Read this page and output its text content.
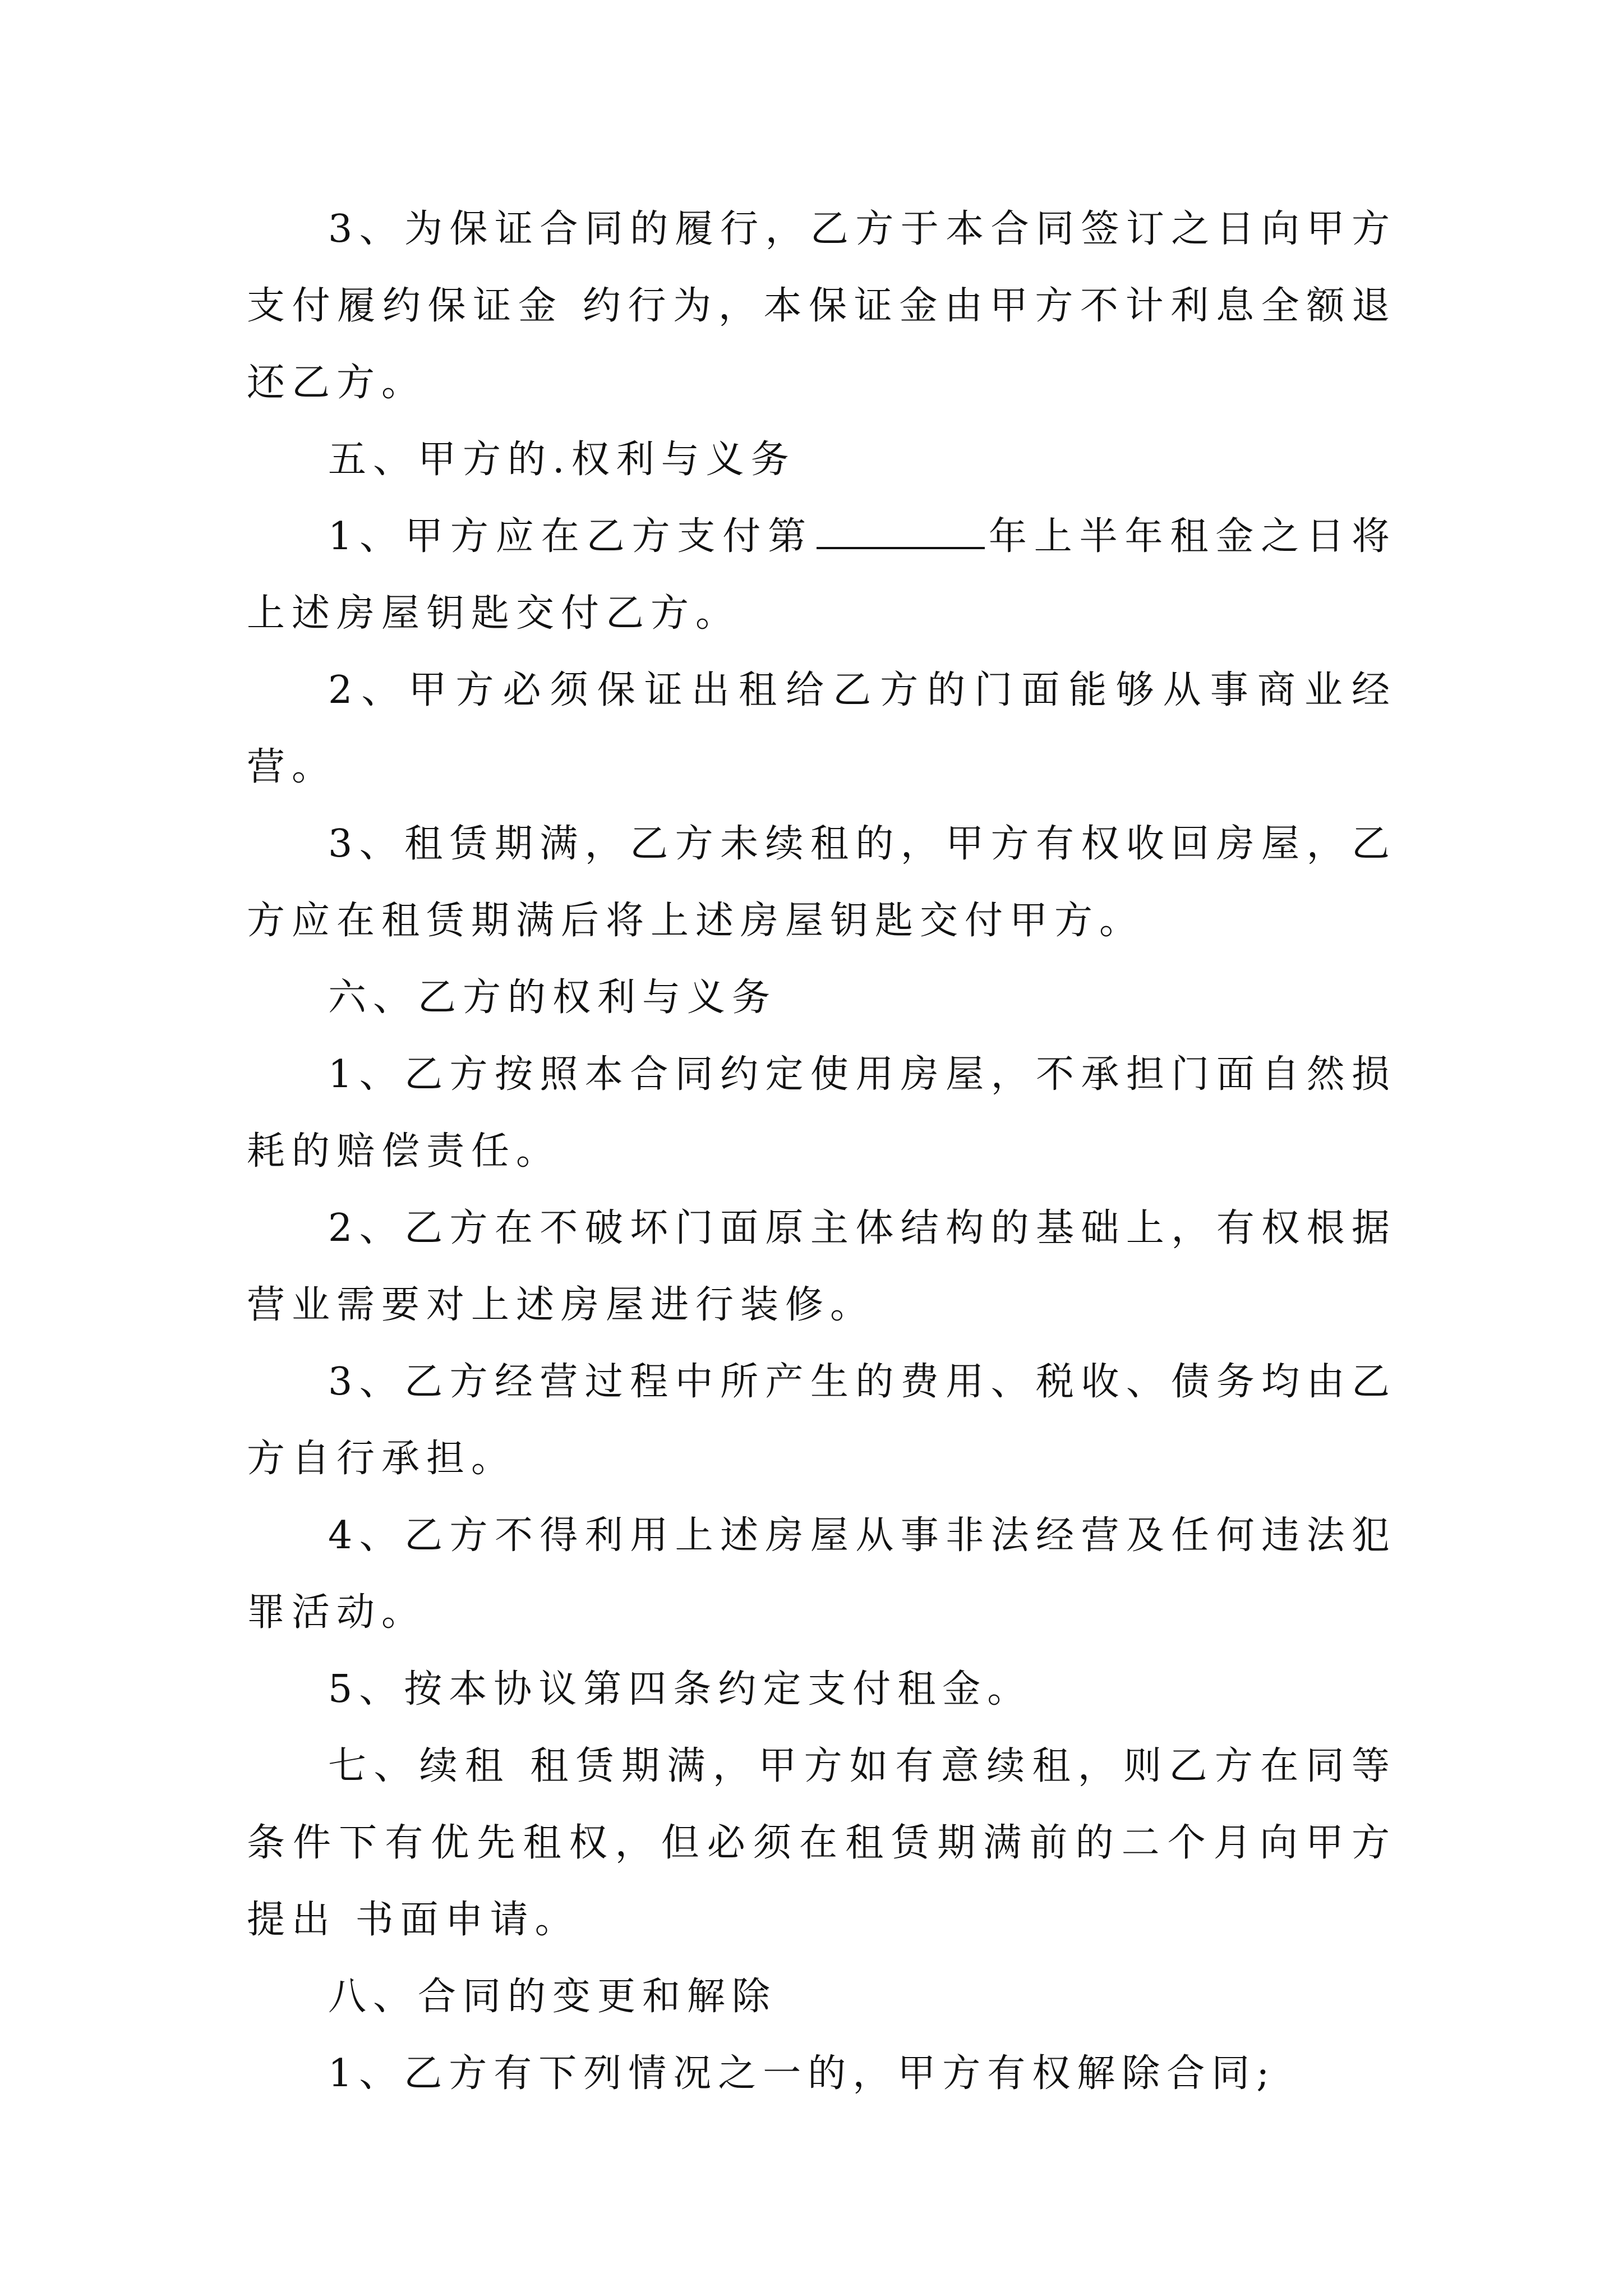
3、为保证合同的履行，乙方于本合同签订之日向甲方支付履约保证金 约行为，本保证金由甲方不计利息全额退还乙方。

五、甲方的.权利与义务

1、甲方应在乙方支付第	年上半年租金之日将上述房屋钥匙交付乙方。

2、甲方必须保证出租给乙方的门面能够从事商业经营。

3、租赁期满，乙方未续租的，甲方有权收回房屋，乙方应在租赁期满后将上述房屋钥匙交付甲方。

六、乙方的权利与义务

1、乙方按照本合同约定使用房屋，不承担门面自然损耗的赔偿责任。

2、乙方在不破坏门面原主体结构的基础上，有权根据营业需要对上述房屋进行装修。

3、乙方经营过程中所产生的费用、税收、债务均由乙方自行承担。

4、乙方不得利用上述房屋从事非法经营及任何违法犯罪活动。

5、按本协议第四条约定支付租金。

七、续租 租赁期满，甲方如有意续租，则乙方在同等条件下有优先租权，但必须在租赁期满前的二个月向甲方提出 书面申请。

八、合同的变更和解除

1、乙方有下列情况之一的，甲方有权解除合同;
